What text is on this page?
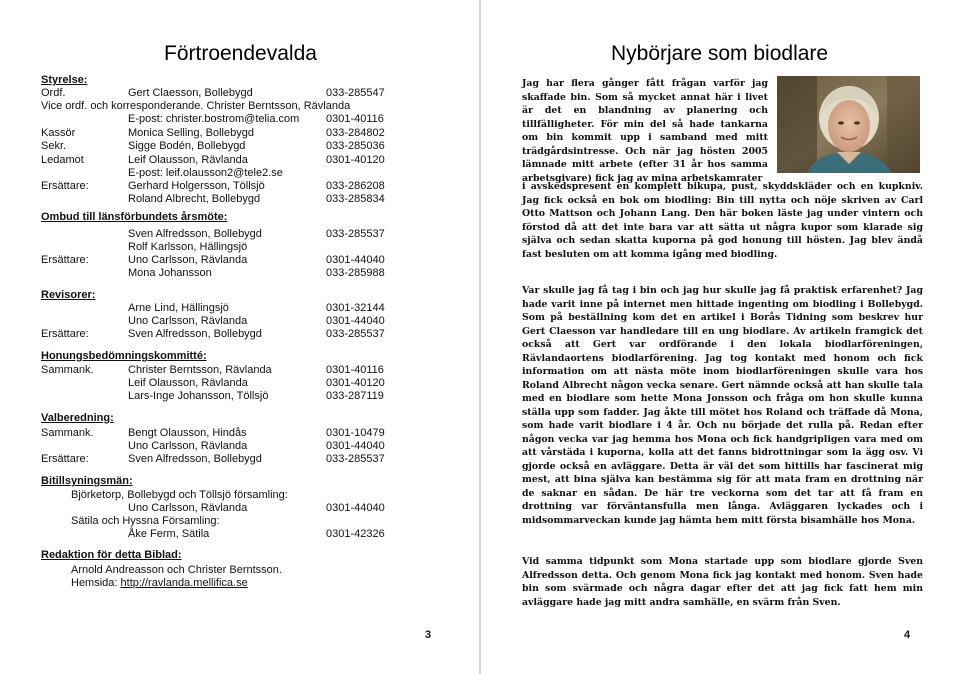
Förtroendevalda
Styrelse:
Ordf.	Gert Claesson, Bollebygd	033-285547
Vice ordf. och korresponderande. Christer Berntsson, Rävlanda
E-post: christer.bostrom@telia.com 0301-40116
Kassör	Monica Selling, Bollebygd	033-284802
Sekr.	Sigge Bodén, Bollebygd	033-285036
Ledamot	Leif Olausson, Rävlanda	0301-40120
E-post: leif.olausson2@tele2.se
Ersättare:	Gerhard Holgersson, Töllsjö	033-286208
Roland Albrecht, Bollebygd	033-285834
Ombud till länsförbundets årsmöte:
Sven Alfredsson, Bollebygd	033-285537
Rolf Karlsson, Hällingsjö
Ersättare:	Uno Carlsson, Rävlanda	0301-44040
Mona Johansson	033-285988
Revisorer:
Arne Lind, Hällingsjö	0301-32144
Uno Carlsson, Rävlanda	0301-44040
Ersättare:	Sven Alfredsson, Bollebygd	033-285537
Honungsbedömningskommitté:
Sammank.	Christer Berntsson, Rävlanda	0301-40116
Leif Olausson, Rävlanda	0301-40120
Lars-Inge Johansson, Töllsjö	033-287119
Valberedning:
Sammank.	Bengt Olausson, Hindås	0301-10479
Uno Carlsson, Rävlanda	0301-44040
Ersättare:	Sven Alfredsson, Bollebygd	033-285537
Bitillsyningsmän:
Björketorp, Bollebygd och Töllsjö församling:
Uno Carlsson, Rävlanda	0301-44040
Sätila och Hyssna Församling:
Åke Ferm, Sätila	0301-42326
Redaktion för detta Biblad:
Arnold Andreasson och Christer Berntsson.
Hemsida: http://ravlanda.mellifica.se
3
Nybörjare som biodlare

Jag har flera gånger fått frågan varför jag skaffade bin. Som så mycket annat här i livet är det en blandning av planering och tillfälligheter. För min del så hade tankarna om bin kommit upp i samband med mitt trädgårdsintresse. Och när jag hösten 2005 lämnade mitt arbete (efter 31 år hos samma arbetsgivare) fick jag av mina arbetskamrater

i avskedspresent en komplett bikupa, pust, skyddskläder och en kupkniv. Jag fick också en bok om biodling: Bin till nytta och nöje skriven av Carl Otto Mattson och Johann Lang. Den här boken läste jag under vintern och förstod då att det inte bara var att sätta ut några kupor som klarade sig själva och sedan skatta kuporna på god honung till hösten. Jag blev ändå fast besluten om att komma igång med biodling.

Var skulle jag få tag i bin och jag hur skulle jag få praktisk erfarenhet? Jag hade varit inne på internet men hittade ingenting om biodling i Bollebygd. Som på beställning kom det en artikel i Borås Tidning som beskrev hur Gert Claesson var handledare till en ung biodlare. Av artikeln framgick det också att Gert var ordförande i den lokala biodlarföreningen, Rävlandaortens biodlarförening. Jag tog kontakt med honom och fick information om att nästa möte inom biodlarföreningen skulle vara hos Roland Albrecht någon veckа senare. Gert nämnde också att han skulle tala med en biodlare som hette Mona Jonsson och fråga om hon skulle kunna ställa upp som fadder. Jag åkte till mötet hos Roland och träffade då Mona, som hade varit biodlare i 4 år. Och nu började det rulla på. Redan efter någon vecka var jag hemma hos Mona och fick handgripligen vara med om att vårstäda i kuporna, kolla att det fanns bidrottningar som la ägg osv. Vi gjorde också en avläggare. Detta är väl det som hittills har fascinerat mig mest, att bina själva kan bestämma sig för att mata fram en drottning när de saknar en sådan. De här tre veckorna som det tar att få fram en drottning var förväntansfulla men långa. Avläggaren lyckades och i midsommarveckan kunde jag hämta hem mitt första bisamhälle hos Mona.

Vid samma tidpunkt som Mona startade upp som biodlare gjorde Sven Alfredsson detta. Och genom Mona fick jag kontakt med honom. Sven hade bin som svärmade och några dagar efter det att jag fick fatt hem min avläggare hade jag mitt andra samhälle, en svärm från Sven.

4
